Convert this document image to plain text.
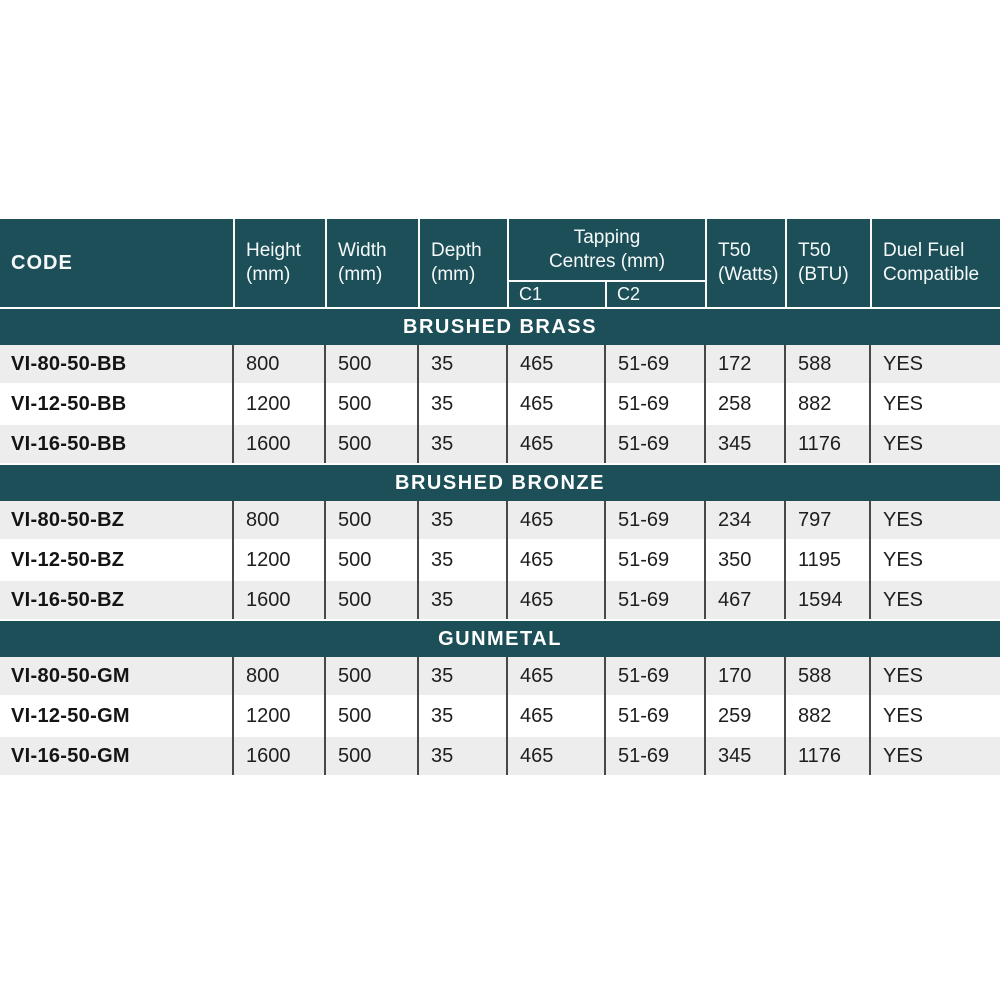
CODE
Height
(mm)
Width
(mm)
Depth
(mm)
Tapping
Centres (mm)
C1	C2
T50
(Watts)
T50
(BTU)
Duel Fuel
Compatible
BRUSHED BRASS
VI-80-50-BB	800	500	35	465	51-69	172	588	YES
VI-12-50-BB	1200	500	35	465	51-69	258	882	YES
VI-16-50-BB	1600	500	35	465	51-69	345	1176	YES
BRUSHED BRONZE
VI-80-50-BZ	800	500	35	465	51-69	234	797	YES
VI-12-50-BZ	1200	500	35	465	51-69	350	1195	YES
VI-16-50-BZ	1600	500	35	465	51-69	467	1594	YES
GUNMETAL
VI-80-50-GM	800	500	35	465	51-69	170	588	YES
VI-12-50-GM	1200	500	35	465	51-69	259	882	YES
VI-16-50-GM	1600	500	35	465	51-69	345	1176	YES
